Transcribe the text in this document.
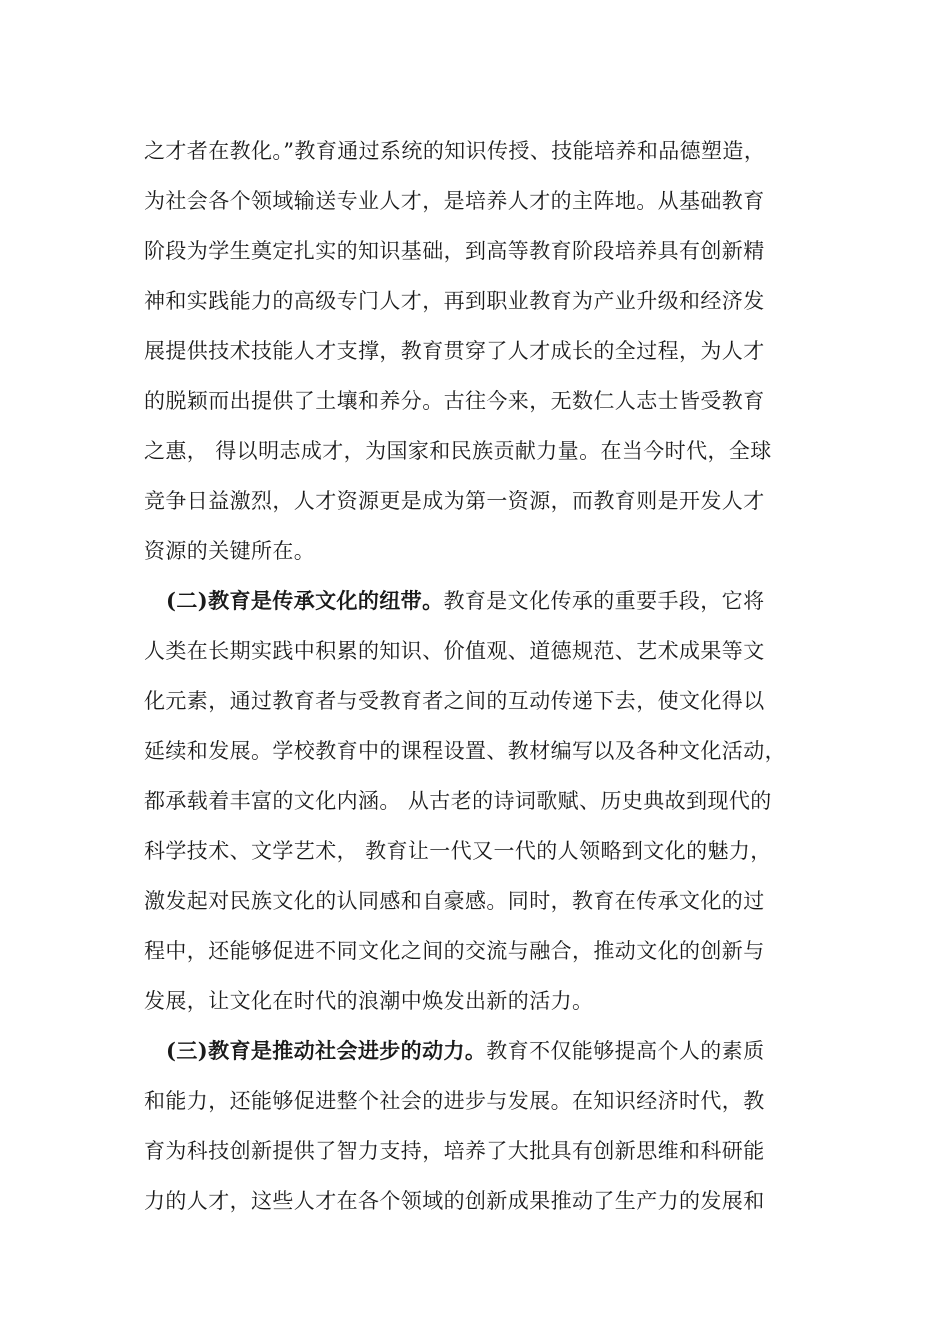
之才者在教化。”教育通过系统的知识传授、技能培养和品德塑造，
为社会各个领域输送专业人才，是培养人才的主阵地。从基础教育
阶段为学生奠定扎实的知识基础，到高等教育阶段培养具有创新精
神和实践能力的高级专门人才，再到职业教育为产业升级和经济发
展提供技术技能人才支撑，教育贯穿了人才成长的全过程，为人才
的脱颖而出提供了土壤和养分。古往今来，无数仁人志士皆受教育
之惠， 得以明志成才，为国家和民族贡献力量。在当今时代，全球
竞争日益激烈，人才资源更是成为第一资源，而教育则是开发人才
资源的关键所在。
(二)教育是传承文化的纽带。教育是文化传承的重要手段，它将
人类在长期实践中积累的知识、价值观、道德规范、艺术成果等文
化元素，通过教育者与受教育者之间的互动传递下去，使文化得以
延续和发展。学校教育中的课程设置、教材编写以及各种文化活动，
都承载着丰富的文化内涵。 从古老的诗词歌赋、历史典故到现代的
科学技术、文学艺术， 教育让一代又一代的人领略到文化的魅力，
激发起对民族文化的认同感和自豪感。同时，教育在传承文化的过
程中，还能够促进不同文化之间的交流与融合，推动文化的创新与
发展，让文化在时代的浪潮中焕发出新的活力。
(三)教育是推动社会进步的动力。教育不仅能够提高个人的素质
和能力，还能够促进整个社会的进步与发展。在知识经济时代，教
育为科技创新提供了智力支持，培养了大批具有创新思维和科研能
力的人才，这些人才在各个领域的创新成果推动了生产力的发展和
